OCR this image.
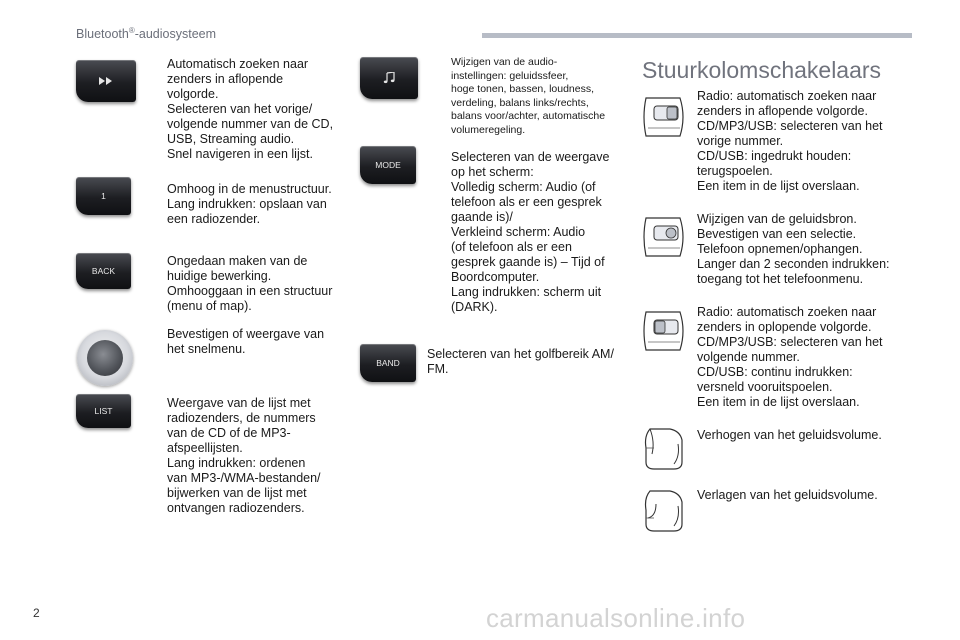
Bluetooth®-audiosysteem
Automatisch zoeken naar
zenders in aflopende
volgorde.
Selecteren van het vorige/
volgende nummer van de CD,
USB, Streaming audio.
Snel navigeren in een lijst.
1	Omhoog in de menustructuur.
Lang indrukken: opslaan van
een radiozender.
BACK
Ongedaan maken van de
huidige bewerking.
Omhooggaan in een structuur
(menu of map).
Bevestigen of weergave van
het snelmenu.
LIST
Weergave van de lijst met
radiozenders, de nummers
van de CD of de MP3-
afspeellijsten.
Lang indrukken: ordenen
van MP3-/WMA-bestanden/
bijwerken van de lijst met
ontvangen radiozenders.
Wijzigen van de audio-
instellingen: geluidssfeer,
hoge tonen, bassen, loudness,
verdeling, balans links/rechts,
balans voor/achter, automatische
volumeregeling.
MODE
Selecteren van de weergave
op het scherm:
Volledig scherm: Audio (of
telefoon als er een gesprek
gaande is)/
Verkleind scherm: Audio
(of telefoon als er een
gesprek gaande is) – Tijd of
Boordcomputer.
Lang indrukken: scherm uit
(DARK).
BAND
Selecteren van het golfbereik AM/
FM.
Stuurkolomschakelaars
Radio: automatisch zoeken naar
zenders in aflopende volgorde.
CD/MP3/USB: selecteren van het
vorige nummer.
CD/USB: ingedrukt houden:
terugspoelen.
Een item in de lijst overslaan.
Wijzigen van de geluidsbron.
Bevestigen van een selectie.
Telefoon opnemen/ophangen.
Langer dan 2 seconden indrukken:
toegang tot het telefoonmenu.
Radio: automatisch zoeken naar
zenders in oplopende volgorde.
CD/MP3/USB: selecteren van het
volgende nummer.
CD/USB: continu indrukken:
versneld vooruitspoelen.
Een item in de lijst overslaan.
Verhogen van het geluidsvolume.
Verlagen van het geluidsvolume.
2	carmanualsonline.info
